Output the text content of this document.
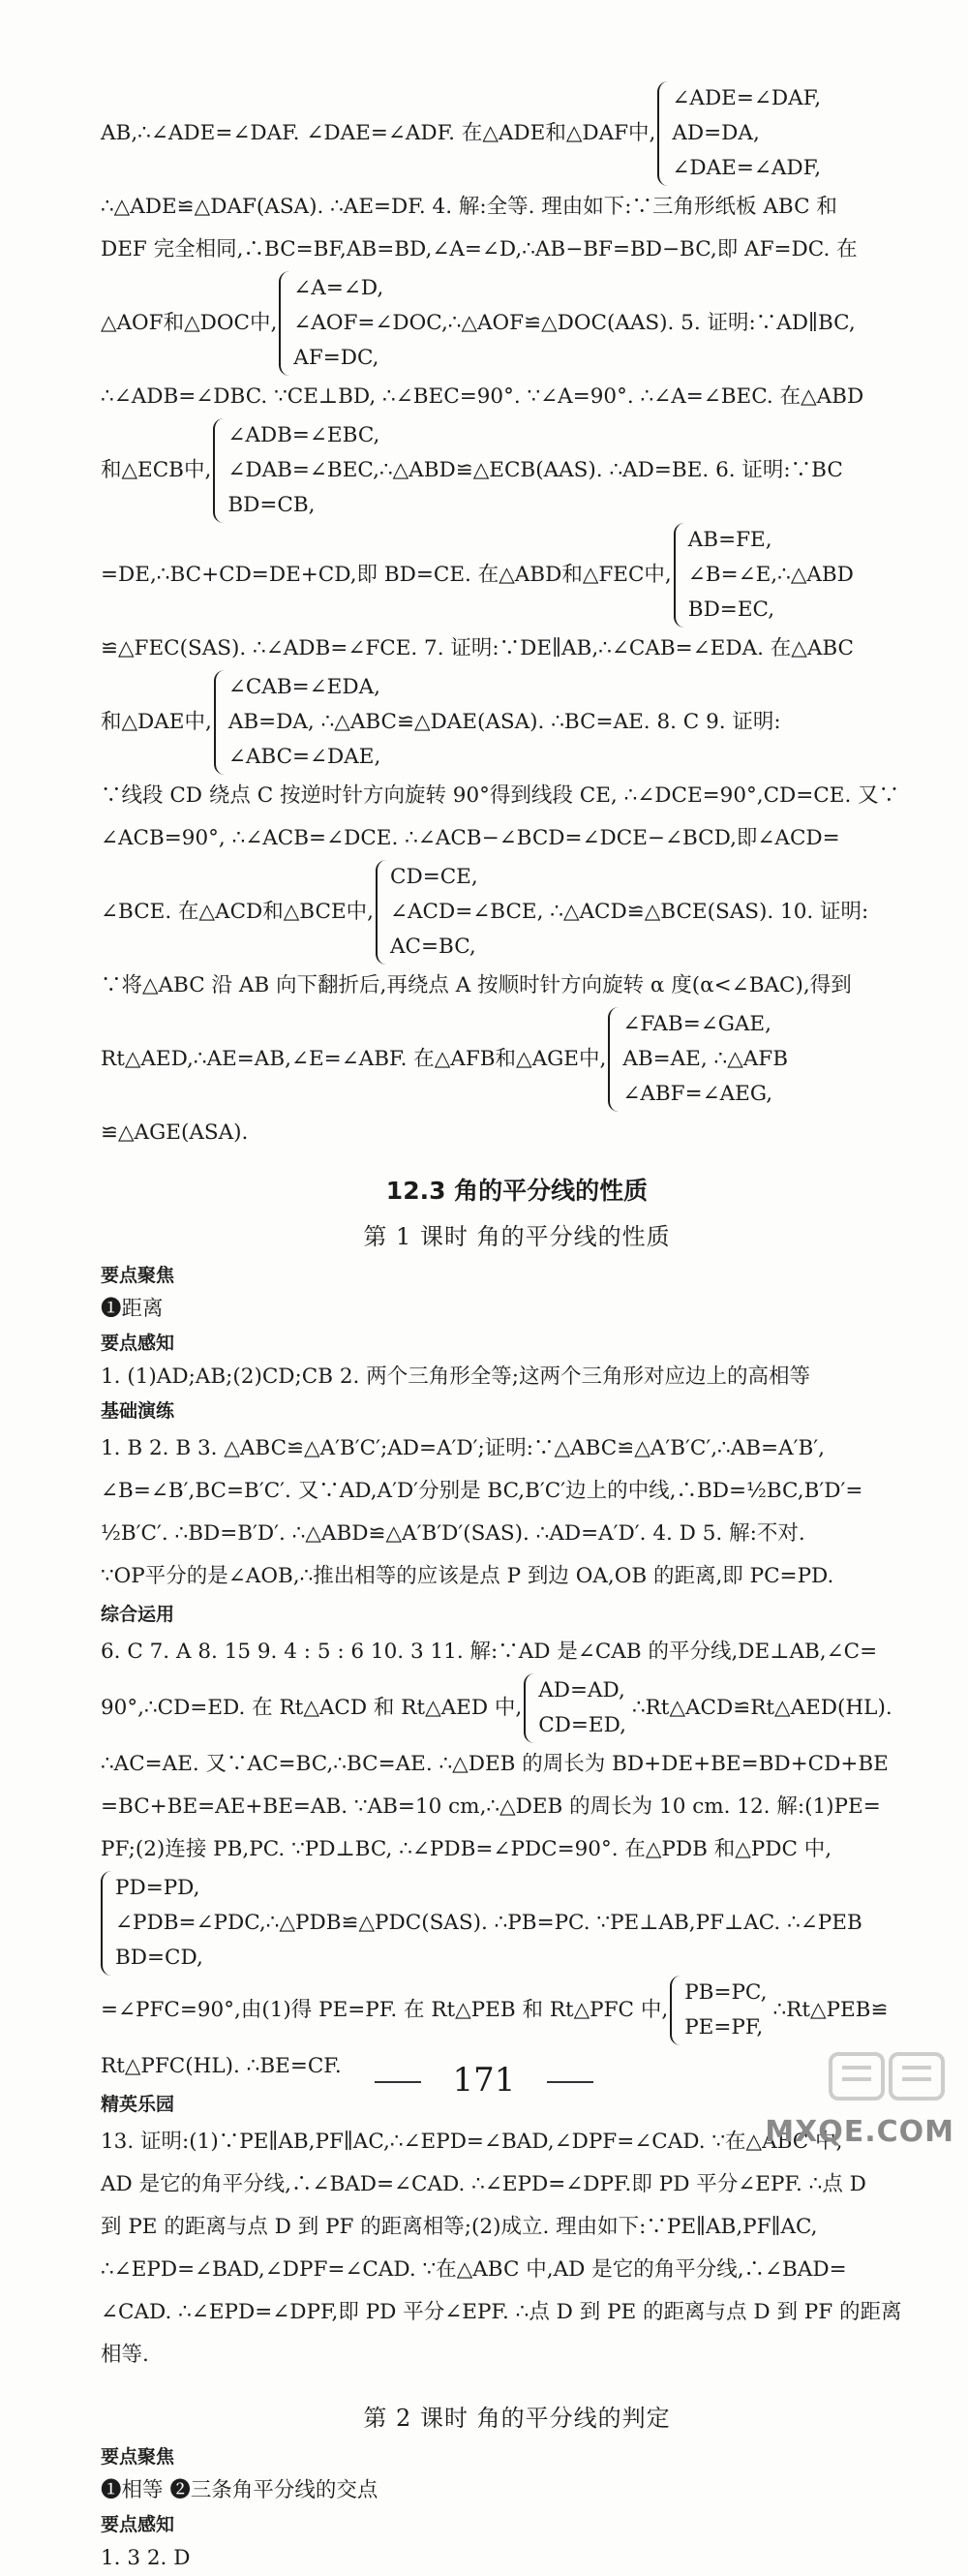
AB,∴∠ADE=∠DAF. ∠DAE=∠ADF. 在△ADE和△DAF中,
∠ADE=∠DAF,
AD=DA,
∠DAE=∠ADF,
∴△ADE≌△DAF(ASA). ∴AE=DF. 4. 解:全等. 理由如下:∵三角形纸板 ABC 和
DEF 完全相同,∴BC=BF,AB=BD,∠A=∠D,∴AB−BF=BD−BC,即 AF=DC. 在
△AOF和△DOC中,
∠A=∠D,
∠AOF=∠DOC,∴△AOF≌△DOC(AAS). 5. 证明:∵AD∥BC,
AF=DC,
∴∠ADB=∠DBC. ∵CE⊥BD, ∴∠BEC=90°. ∵∠A=90°. ∴∠A=∠BEC. 在△ABD
和△ECB中,
∠ADB=∠EBC,
∠DAB=∠BEC,∴△ABD≌△ECB(AAS). ∴AD=BE. 6. 证明:∵BC
BD=CB,
=DE,∴BC+CD=DE+CD,即 BD=CE. 在△ABD和△FEC中,
AB=FE,
∠B=∠E,∴△ABD
BD=EC,
≌△FEC(SAS). ∴∠ADB=∠FCE. 7. 证明:∵DE∥AB,∴∠CAB=∠EDA. 在△ABC
和△DAE中,
∠CAB=∠EDA,
AB=DA, ∴△ABC≌△DAE(ASA). ∴BC=AE. 8. C 9. 证明:
∠ABC=∠DAE,
∵线段 CD 绕点 C 按逆时针方向旋转 90°得到线段 CE, ∴∠DCE=90°,CD=CE. 又∵
∠ACB=90°, ∴∠ACB=∠DCE. ∴∠ACB−∠BCD=∠DCE−∠BCD,即∠ACD=
∠BCE. 在△ACD和△BCE中,
CD=CE,
∠ACD=∠BCE, ∴△ACD≌△BCE(SAS). 10. 证明:
AC=BC,
∵将△ABC 沿 AB 向下翻折后,再绕点 A 按顺时针方向旋转 α 度(α<∠BAC),得到
Rt△AED,∴AE=AB,∠E=∠ABF. 在△AFB和△AGE中,
∠FAB=∠GAE,
AB=AE, ∴△AFB
∠ABF=∠AEG,
≌△AGE(ASA).
12.3 角的平分线的性质
第 1 课时 角的平分线的性质
要点聚焦
❶距离
要点感知
1. (1)AD;AB;(2)CD;CB 2. 两个三角形全等;这两个三角形对应边上的高相等
基础演练
1. B 2. B 3. △ABC≌△A′B′C′;AD=A′D′;证明:∵△ABC≌△A′B′C′,∴AB=A′B′,
∠B=∠B′,BC=B′C′. 又∵AD,A′D′分别是 BC,B′C′边上的中线,∴BD=½BC,B′D′=
½B′C′. ∴BD=B′D′. ∴△ABD≌△A′B′D′(SAS). ∴AD=A′D′. 4. D 5. 解:不对.
∵OP平分的是∠AOB,∴推出相等的应该是点 P 到边 OA,OB 的距离,即 PC=PD.
综合运用
6. C 7. A 8. 15 9. 4 : 5 : 6 10. 3 11. 解:∵AD 是∠CAB 的平分线,DE⊥AB,∠C=
90°,∴CD=ED. 在 Rt△ACD 和 Rt△AED 中,
AD=AD,
CD=ED,
∴Rt△ACD≌Rt△AED(HL).
∴AC=AE. 又∵AC=BC,∴BC=AE. ∴△DEB 的周长为 BD+DE+BE=BD+CD+BE
=BC+BE=AE+BE=AB. ∵AB=10 cm,∴△DEB 的周长为 10 cm. 12. 解:(1)PE=
PF;(2)连接 PB,PC. ∵PD⊥BC, ∴∠PDB=∠PDC=90°. 在△PDB 和△PDC 中,
PD=PD,
∠PDB=∠PDC,∴△PDB≌△PDC(SAS). ∴PB=PC. ∵PE⊥AB,PF⊥AC. ∴∠PEB
BD=CD,
=∠PFC=90°,由(1)得 PE=PF. 在 Rt△PEB 和 Rt△PFC 中,
PB=PC,
PE=PF,
∴Rt△PEB≌
Rt△PFC(HL). ∴BE=CF.
精英乐园
13. 证明:(1)∵PE∥AB,PF∥AC,∴∠EPD=∠BAD,∠DPF=∠CAD. ∵在△ABC 中,
AD 是它的角平分线,∴∠BAD=∠CAD. ∴∠EPD=∠DPF.即 PD 平分∠EPF. ∴点 D
到 PE 的距离与点 D 到 PF 的距离相等;(2)成立. 理由如下:∵PE∥AB,PF∥AC,
∴∠EPD=∠BAD,∠DPF=∠CAD. ∵在△ABC 中,AD 是它的角平分线,∴∠BAD=
∠CAD. ∴∠EPD=∠DPF,即 PD 平分∠EPF. ∴点 D 到 PE 的距离与点 D 到 PF 的距离
相等.
第 2 课时 角的平分线的判定
要点聚焦
❶相等 ❷三条角平分线的交点
要点感知
1. 3 2. D
171
MXQE.COM
